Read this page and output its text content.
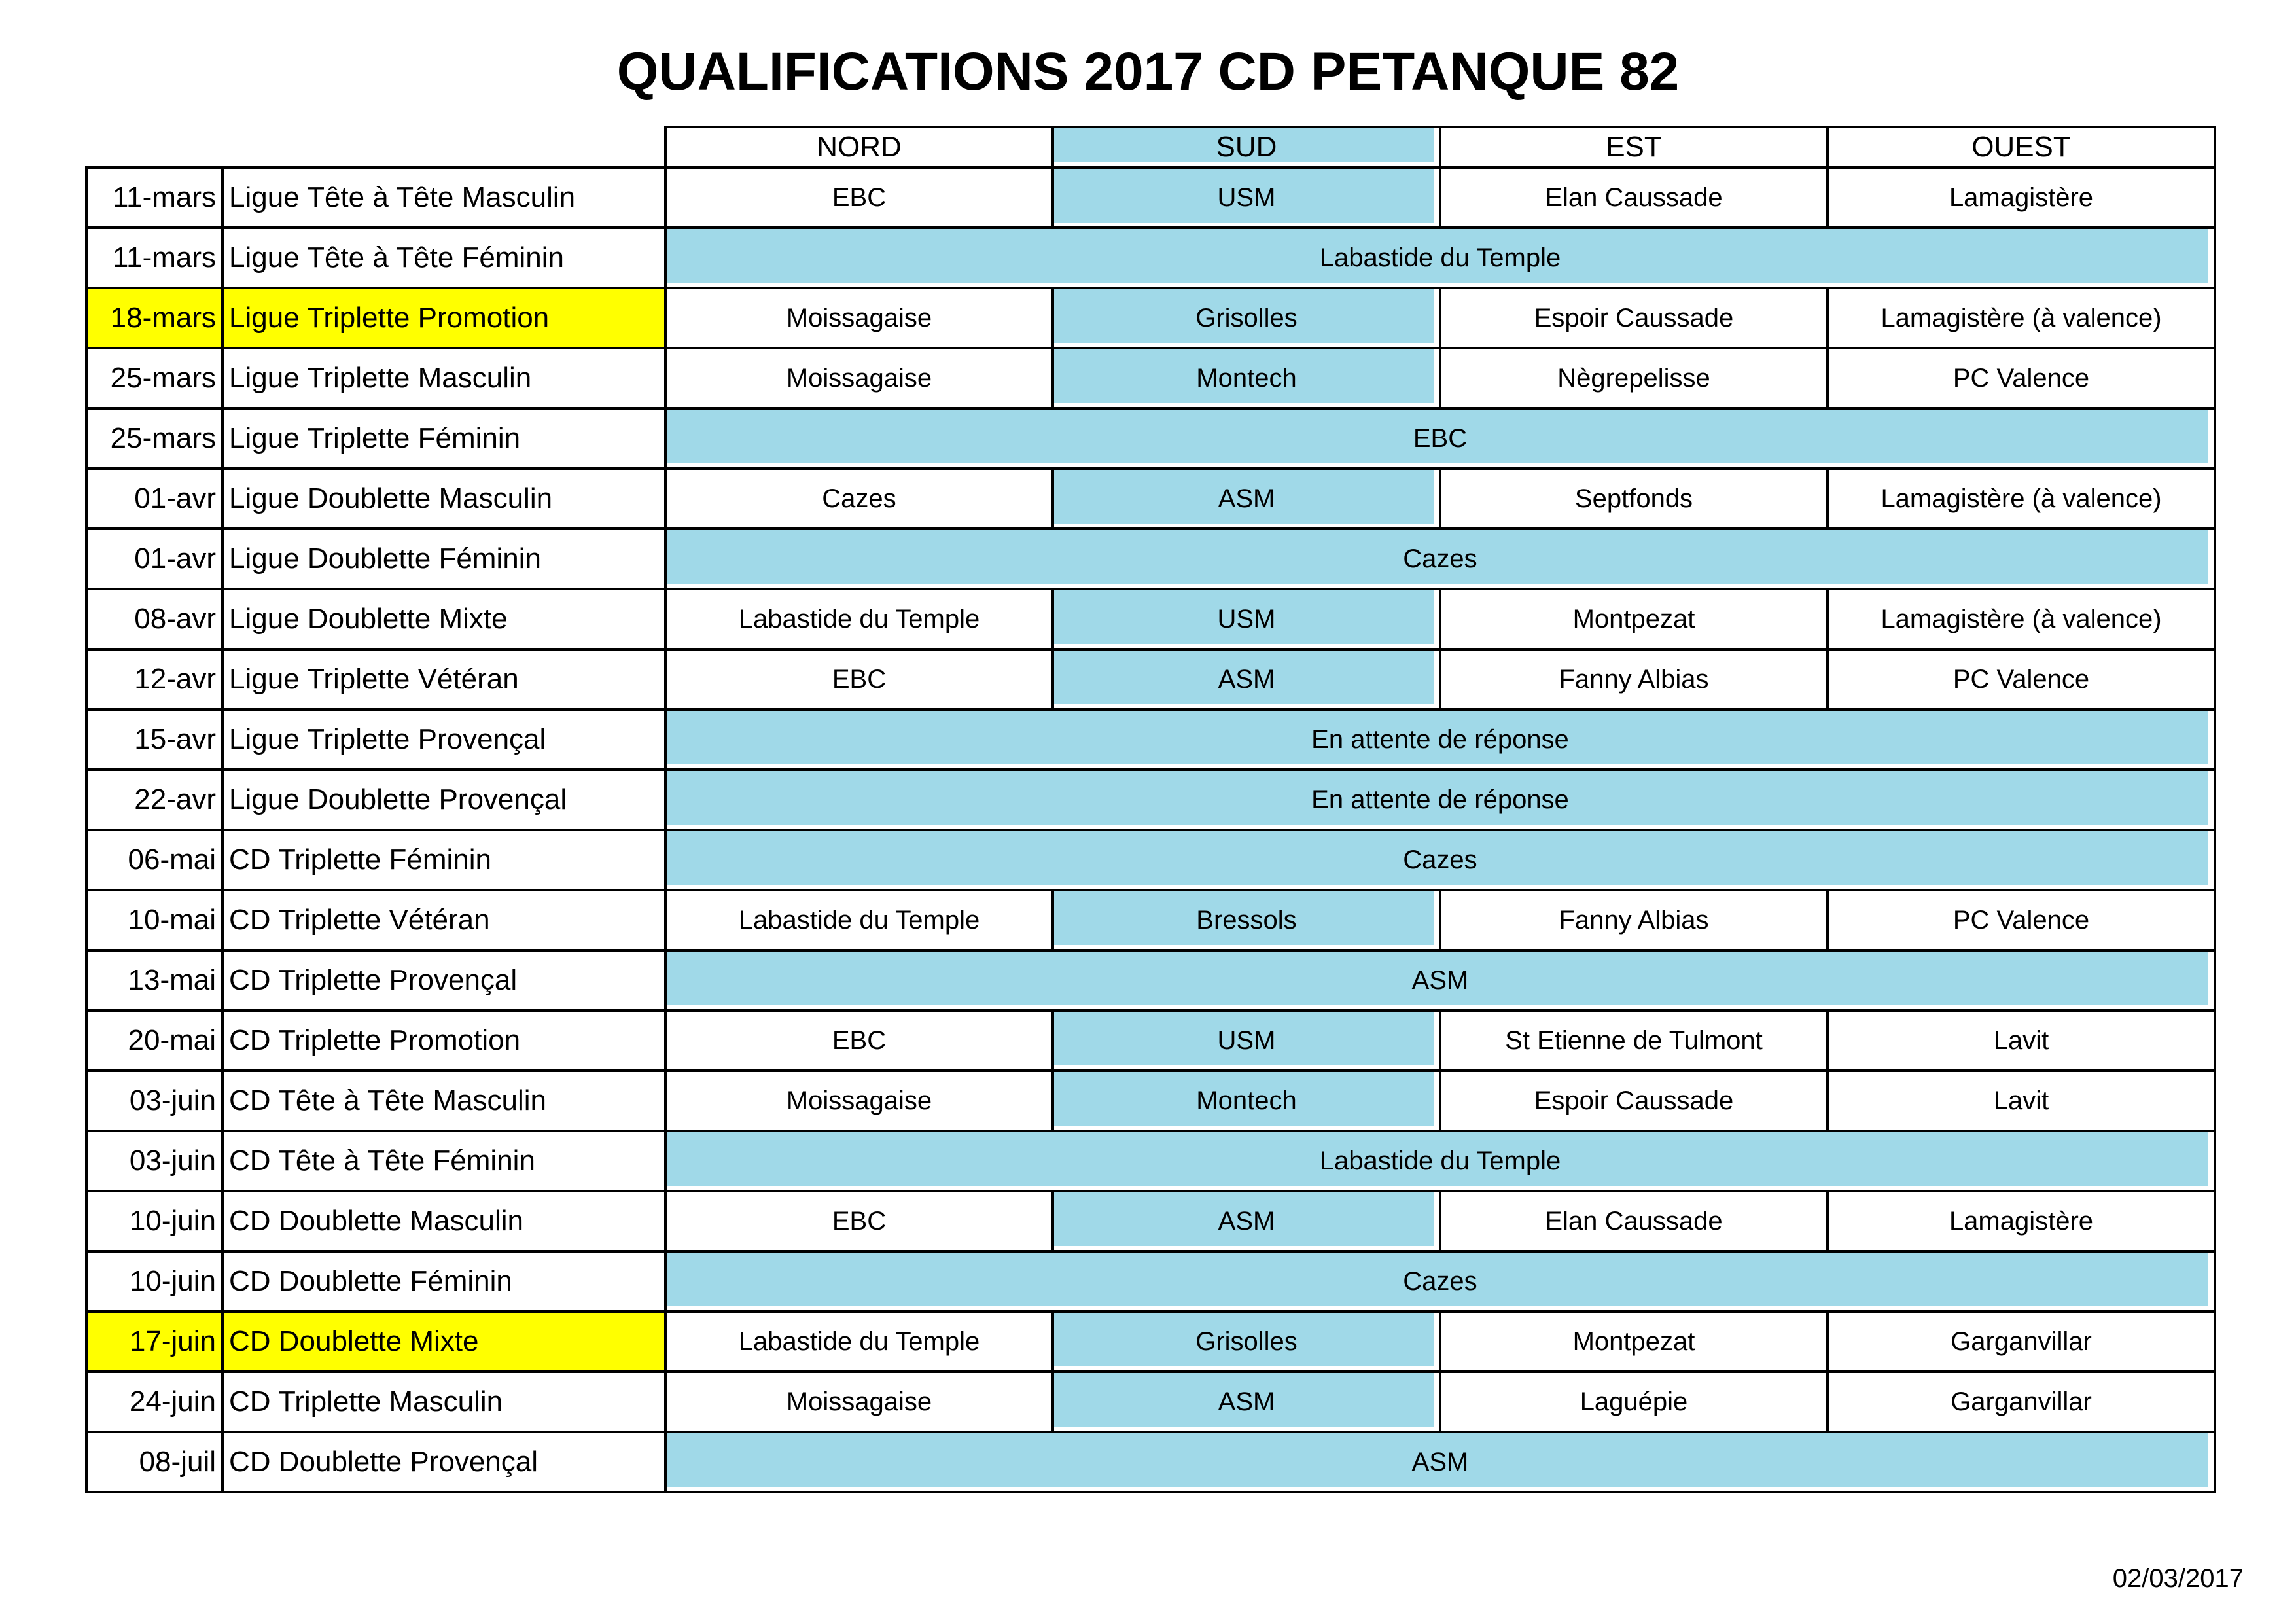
QUALIFICATIONS 2017 CD PETANQUE 82
		NORD	SUD	EST	OUEST
11-mars	Ligue Tête à Tête Masculin	EBC	USM	Elan Caussade	Lamagistère
11-mars	Ligue Tête à Tête Féminin	Labastide du Temple			
18-mars	Ligue Triplette Promotion	Moissagaise	Grisolles	Espoir Caussade	Lamagistère (à valence)
25-mars	Ligue Triplette Masculin	Moissagaise	Montech	Nègrepelisse	PC Valence
25-mars	Ligue Triplette Féminin	EBC			
01-avr	Ligue Doublette Masculin	Cazes	ASM	Septfonds	Lamagistère (à valence)
01-avr	Ligue Doublette Féminin	Cazes			
08-avr	Ligue Doublette Mixte	Labastide du Temple	USM	Montpezat	Lamagistère (à valence)
12-avr	Ligue Triplette Vétéran	EBC	ASM	Fanny Albias	PC Valence
15-avr	Ligue Triplette Provençal	En attente de réponse			
22-avr	Ligue Doublette Provençal	En attente de réponse			
06-mai	CD Triplette Féminin	Cazes			
10-mai	CD Triplette Vétéran	Labastide du Temple	Bressols	Fanny Albias	PC Valence
13-mai	CD Triplette Provençal	ASM			
20-mai	CD Triplette Promotion	EBC	USM	St Etienne de Tulmont	Lavit
03-juin	CD Tête à Tête Masculin	Moissagaise	Montech	Espoir Caussade	Lavit
03-juin	CD Tête à Tête Féminin	Labastide du Temple			
10-juin	CD Doublette Masculin	EBC	ASM	Elan Caussade	Lamagistère
10-juin	CD Doublette Féminin	Cazes			
17-juin	CD Doublette Mixte	Labastide du Temple	Grisolles	Montpezat	Garganvillar
24-juin	CD Triplette Masculin	Moissagaise	ASM	Laguépie	Garganvillar
08-juil	CD Doublette Provençal	ASM			
02/03/2017
